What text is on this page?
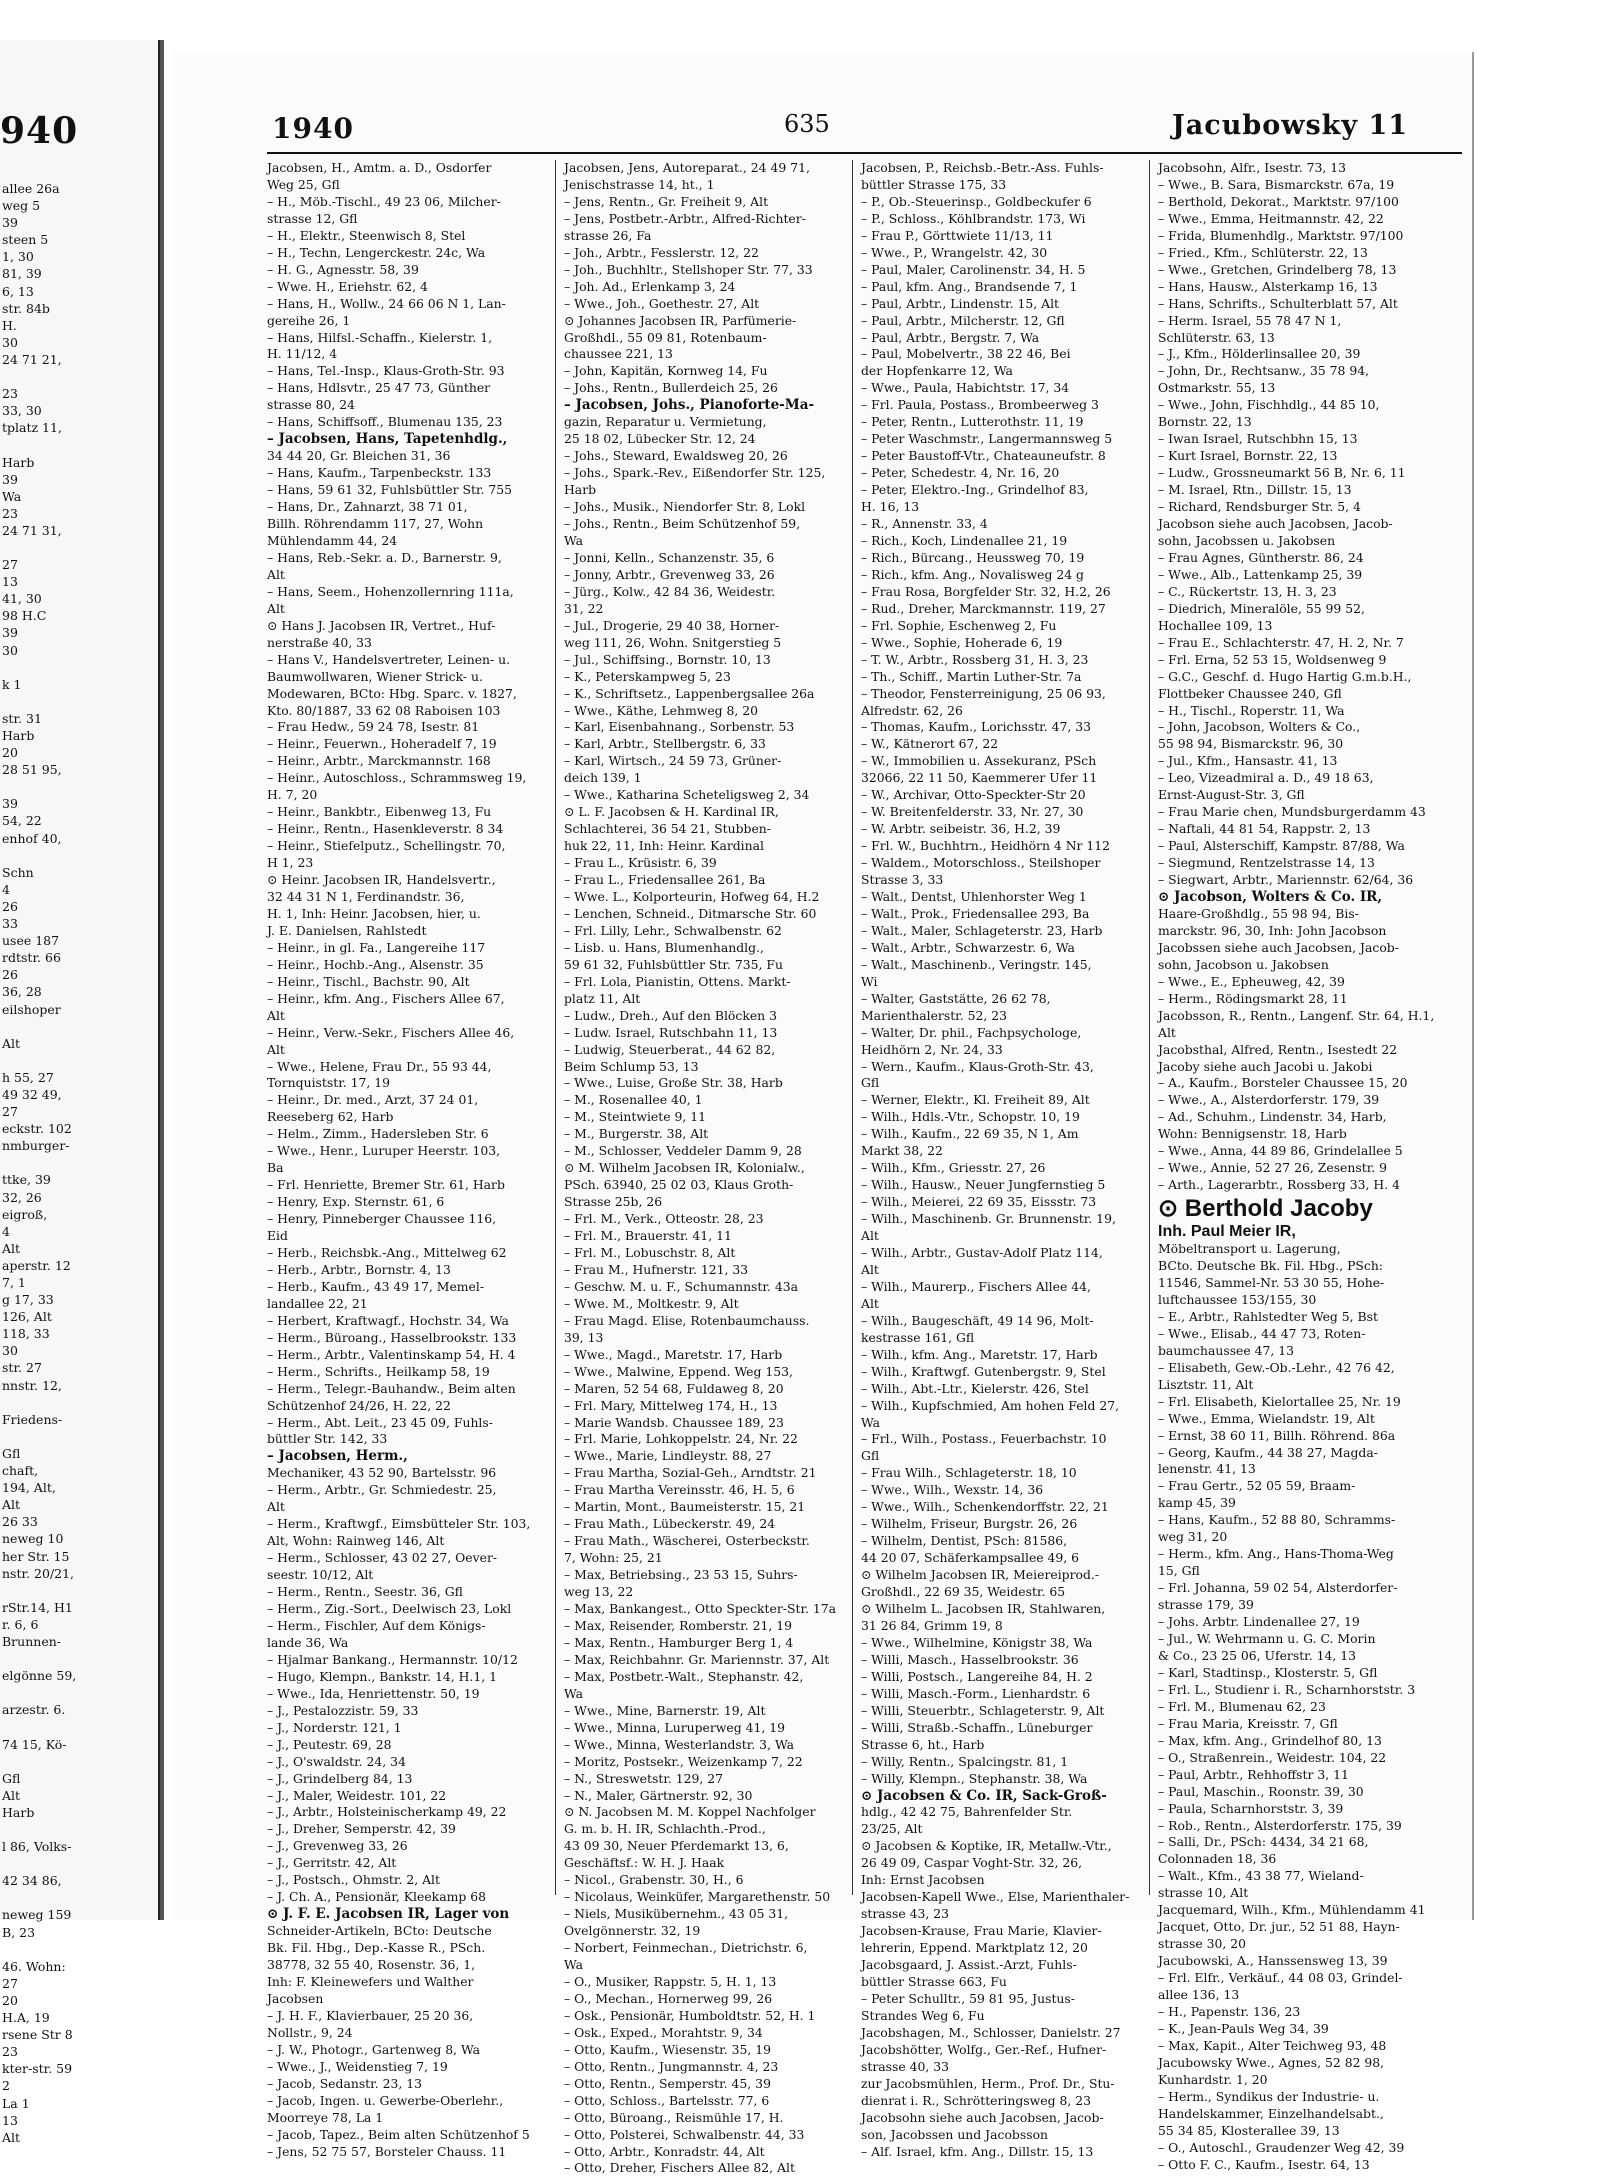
940
allee 26a
weg 5
39
steen 5
1, 30
81, 39
6, 13
str. 84b
H.
30
24 71 21,

23
33, 30
tplatz 11,

Harb
39
Wa
23
24 71 31,

27
13
41, 30
98 H.C
39
30

k 1

str. 31
Harb
20
28 51 95,

39
54, 22
enhof 40,

Schn
4
26
33
usee 187
rdtstr. 66
26
36, 28
eilshoper

Alt

h 55, 27
49 32 49,
27
eckstr. 102
nmburger-

ttke, 39
32, 26
eigroß,
4
Alt
aperstr. 12
7, 1
g 17, 33
126, Alt
118, 33
30
str. 27
nnstr. 12,

Friedens-

Gfl
chaft,
194, Alt,
Alt
26 33
neweg 10
her Str. 15
nstr. 20/21,

rStr.14, H1
r. 6, 6
Brunnen-

elgönne 59,

arzestr. 6.

74 15, Kö-

Gfl
Alt
Harb

l 86, Volks-

42 34 86,

neweg 159
B, 23

46. Wohn:
27
20
H.A, 19
rsene Str 8
23
kter-str. 59
2
La 1
13
Alt
1940	635	Jacubowsky 11
Jacobsen, H., Amtm. a. D., Osdorfer
Weg 25, Gfl
– H., Möb.-Tischl., 49 23 06, Milcher-
strasse 12, Gfl
– H., Elektr., Steenwisch 8, Stel
– H., Techn, Lengerckestr. 24c, Wa
– H. G., Agnesstr. 58, 39
– Wwe. H., Eriehstr. 62, 4
– Hans, H., Wollw., 24 66 06 N 1, Lan-
gereihe 26, 1
– Hans, Hilfsl.-Schaffn., Kielerstr. 1,
H. 11/12, 4
– Hans, Tel.-Insp., Klaus-Groth-Str. 93
– Hans, Hdlsvtr., 25 47 73, Günther
strasse 80, 24
– Hans, Schiffsoff., Blumenau 135, 23
– Jacobsen, Hans, Tapetenhdlg.,
34 44 20, Gr. Bleichen 31, 36
– Hans, Kaufm., Tarpenbeckstr. 133
– Hans, 59 61 32, Fuhlsbüttler Str. 755
– Hans, Dr., Zahnarzt, 38 71 01,
Billh. Röhrendamm 117, 27, Wohn
Mühlendamm 44, 24
– Hans, Reb.-Sekr. a. D., Barnerstr. 9,
Alt
– Hans, Seem., Hohenzollernring 111a,
Alt
⊙ Hans J. Jacobsen IR, Vertret., Huf-
nerstraße 40, 33
– Hans V., Handelsvertreter, Leinen- u.
Baumwollwaren, Wiener Strick- u.
Modewaren, BCto: Hbg. Sparc. v. 1827,
Kto. 80/1887, 33 62 08 Raboisen 103
– Frau Hedw., 59 24 78, Isestr. 81
– Heinr., Feuerwn., Hoheradelf 7, 19
– Heinr., Arbtr., Marckmannstr. 168
– Heinr., Autoschloss., Schrammsweg 19,
H. 7, 20
– Heinr., Bankbtr., Eibenweg 13, Fu
– Heinr., Rentn., Hasenkleverstr. 8 34
– Heinr., Stiefelputz., Schellingstr. 70,
H 1, 23
⊙ Heinr. Jacobsen IR, Handelsvertr.,
32 44 31 N 1, Ferdinandstr. 36,
H. 1, Inh: Heinr. Jacobsen, hier, u.
J. E. Danielsen, Rahlstedt
– Heinr., in gl. Fa., Langereihe 117
– Heinr., Hochb.-Ang., Alsenstr. 35
– Heinr., Tischl., Bachstr. 90, Alt
– Heinr., kfm. Ang., Fischers Allee 67,
Alt
– Heinr., Verw.-Sekr., Fischers Allee 46,
Alt
– Wwe., Helene, Frau Dr., 55 93 44,
Tornquiststr. 17, 19
– Heinr., Dr. med., Arzt, 37 24 01,
Reeseberg 62, Harb
– Helm., Zimm., Hadersleben Str. 6
– Wwe., Henr., Luruper Heerstr. 103,
Ba
– Frl. Henriette, Bremer Str. 61, Harb
– Henry, Exp. Sternstr. 61, 6
– Henry, Pinneberger Chaussee 116,
Eid
– Herb., Reichsbk.-Ang., Mittelweg 62
– Herb., Arbtr., Bornstr. 4, 13
– Herb., Kaufm., 43 49 17, Memel-
landallee 22, 21
– Herbert, Kraftwagf., Hochstr. 34, Wa
– Herm., Büroang., Hasselbrookstr. 133
– Herm., Arbtr., Valentinskamp 54, H. 4
– Herm., Schrifts., Heilkamp 58, 19
– Herm., Telegr.-Bauhandw., Beim alten
Schützenhof 24/26, H. 22, 22
– Herm., Abt. Leit., 23 45 09, Fuhls-
büttler Str. 142, 33
– Jacobsen, Herm.,
Mechaniker, 43 52 90, Bartelsstr. 96
– Herm., Arbtr., Gr. Schmiedestr. 25,
Alt
– Herm., Kraftwgf., Eimsbütteler Str. 103,
Alt, Wohn: Rainweg 146, Alt
– Herm., Schlosser, 43 02 27, Oever-
seestr. 10/12, Alt
– Herm., Rentn., Seestr. 36, Gfl
– Herm., Zig.-Sort., Deelwisch 23, Lokl
– Herm., Fischler, Auf dem Königs-
lande 36, Wa
– Hjalmar Bankang., Hermannstr. 10/12
– Hugo, Klempn., Bankstr. 14, H.1, 1
– Wwe., Ida, Henriettenstr. 50, 19
– J., Pestalozzistr. 59, 33
– J., Norderstr. 121, 1
– J., Peutestr. 69, 28
– J., O'swaldstr. 24, 34
– J., Grindelberg 84, 13
– J., Maler, Weidestr. 101, 22
– J., Arbtr., Holsteinischerkamp 49, 22
– J., Dreher, Semperstr. 42, 39
– J., Grevenweg 33, 26
– J., Gerritstr. 42, Alt
– J., Postsch., Ohmstr. 2, Alt
– J. Ch. A., Pensionär, Kleekamp 68
⊙ J. F. E. Jacobsen IR, Lager von
Schneider-Artikeln, BCto: Deutsche
Bk. Fil. Hbg., Dep.-Kasse R., PSch.
38778, 32 55 40, Rosenstr. 36, 1,
Inh: F. Kleinewefers und Walther
Jacobsen
– J. H. F., Klavierbauer, 25 20 36,
Nollstr., 9, 24
– J. W., Photogr., Gartenweg 8, Wa
– Wwe., J., Weidenstieg 7, 19
– Jacob, Sedanstr. 23, 13
– Jacob, Ingen. u. Gewerbe-Oberlehr.,
Moorreye 78, La 1
– Jacob, Tapez., Beim alten Schützenhof 5
– Jens, 52 75 57, Borsteler Chauss. 11
Jacobsen, Jens, Autoreparat., 24 49 71,
Jenischstrasse 14, ht., 1
– Jens, Rentn., Gr. Freiheit 9, Alt
– Jens, Postbetr.-Arbtr., Alfred-Richter-
strasse 26, Fa
– Joh., Arbtr., Fesslerstr. 12, 22
– Joh., Buchhltr., Stellshoper Str. 77, 33
– Joh. Ad., Erlenkamp 3, 24
– Wwe., Joh., Goethestr. 27, Alt
⊙ Johannes Jacobsen IR, Parfümerie-
Großhdl., 55 09 81, Rotenbaum-
chaussee 221, 13
– John, Kapitän, Kornweg 14, Fu
– Johs., Rentn., Bullerdeich 25, 26
– Jacobsen, Johs., Pianoforte-Ma-
gazin, Reparatur u. Vermietung,
25 18 02, Lübecker Str. 12, 24
– Johs., Steward, Ewaldsweg 20, 26
– Johs., Spark.-Rev., Eißendorfer Str. 125,
Harb
– Johs., Musik., Niendorfer Str. 8, Lokl
– Johs., Rentn., Beim Schützenhof 59,
Wa
– Jonni, Kelln., Schanzenstr. 35, 6
– Jonny, Arbtr., Grevenweg 33, 26
– Jürg., Kolw., 42 84 36, Weidestr.
31, 22
– Jul., Drogerie, 29 40 38, Horner-
weg 111, 26, Wohn. Snitgerstieg 5
– Jul., Schiffsing., Bornstr. 10, 13
– K., Peterskampweg 5, 23
– K., Schriftsetz., Lappenbergsallee 26a
– Wwe., Käthe, Lehmweg 8, 20
– Karl, Eisenbahnang., Sorbenstr. 53
– Karl, Arbtr., Stellbergstr. 6, 33
– Karl, Wirtsch., 24 59 73, Grüner-
deich 139, 1
– Wwe., Katharina Scheteligsweg 2, 34
⊙ L. F. Jacobsen & H. Kardinal IR,
Schlachterei, 36 54 21, Stubben-
huk 22, 11, Inh: Heinr. Kardinal
– Frau L., Krüsistr. 6, 39
– Frau L., Friedensallee 261, Ba
– Wwe. L., Kolporteurin, Hofweg 64, H.2
– Lenchen, Schneid., Ditmarsche Str. 60
– Frl. Lilly, Lehr., Schwalbenstr. 62
– Lisb. u. Hans, Blumenhandlg.,
59 61 32, Fuhlsbüttler Str. 735, Fu
– Frl. Lola, Pianistin, Ottens. Markt-
platz 11, Alt
– Ludw., Dreh., Auf den Blöcken 3
– Ludw. Israel, Rutschbahn 11, 13
– Ludwig, Steuerberat., 44 62 82,
Beim Schlump 53, 13
– Wwe., Luise, Große Str. 38, Harb
– M., Rosenallee 40, 1
– M., Steintwiete 9, 11
– M., Burgerstr. 38, Alt
– M., Schlosser, Veddeler Damm 9, 28
⊙ M. Wilhelm Jacobsen IR, Kolonialw.,
PSch. 63940, 25 02 03, Klaus Groth-
Strasse 25b, 26
– Frl. M., Verk., Otteostr. 28, 23
– Frl. M., Brauerstr. 41, 11
– Frl. M., Lobuschstr. 8, Alt
– Frau M., Hufnerstr. 121, 33
– Geschw. M. u. F., Schumannstr. 43a
– Wwe. M., Moltkestr. 9, Alt
– Frau Magd. Elise, Rotenbaumchauss.
39, 13
– Wwe., Magd., Maretstr. 17, Harb
– Wwe., Malwine, Eppend. Weg 153,
– Maren, 52 54 68, Fuldaweg 8, 20
– Frl. Mary, Mittelweg 174, H., 13
– Marie Wandsb. Chaussee 189, 23
– Frl. Marie, Lohkoppelstr. 24, Nr. 22
– Wwe., Marie, Lindleystr. 88, 27
– Frau Martha, Sozial-Geh., Arndtstr. 21
– Frau Martha Vereinsstr. 46, H. 5, 6
– Martin, Mont., Baumeisterstr. 15, 21
– Frau Math., Lübeckerstr. 49, 24
– Frau Math., Wäscherei, Osterbeckstr.
7, Wohn: 25, 21
– Max, Betriebsing., 23 53 15, Suhrs-
weg 13, 22
– Max, Bankangest., Otto Speckter-Str. 17a
– Max, Reisender, Romberstr. 21, 19
– Max, Rentn., Hamburger Berg 1, 4
– Max, Reichbahnr. Gr. Mariennstr. 37, Alt
– Max, Postbetr.-Walt., Stephanstr. 42,
Wa
– Wwe., Mine, Barnerstr. 19, Alt
– Wwe., Minna, Luruperweg 41, 19
– Wwe., Minna, Westerlandstr. 3, Wa
– Moritz, Postsekr., Weizenkamp 7, 22
– N., Streswetstr. 129, 27
– N., Maler, Gärtnerstr. 92, 30
⊙ N. Jacobsen M. M. Koppel Nachfolger
G. m. b. H. IR, Schlachth.-Prod.,
43 09 30, Neuer Pferdemarkt 13, 6,
Geschäftsf.: W. H. J. Haak
– Nicol., Grabenstr. 30, H., 6
– Nicolaus, Weinküfer, Margarethenstr. 50
– Niels, Musikübernehm., 43 05 31,
Ovelgönnerstr. 32, 19
– Norbert, Feinmechan., Dietrichstr. 6,
Wa
– O., Musiker, Rappstr. 5, H. 1, 13
– O., Mechan., Hornerweg 99, 26
– Osk., Pensionär, Humboldtstr. 52, H. 1
– Osk., Exped., Morahtstr. 9, 34
– Otto, Kaufm., Wiesenstr. 35, 19
– Otto, Rentn., Jungmannstr. 4, 23
– Otto, Rentn., Semperstr. 45, 39
– Otto, Schloss., Bartelsstr. 77, 6
– Otto, Büroang., Reismühle 17, H.
– Otto, Polsterei, Schwalbenstr. 44, 33
– Otto, Arbtr., Konradstr. 44, Alt
– Otto, Dreher, Fischers Allee 82, Alt
Jacobsen, P., Reichsb.-Betr.-Ass. Fuhls-
büttler Strasse 175, 33
– P., Ob.-Steuerinsp., Goldbeckufer 6
– P., Schloss., Köhlbrandstr. 173, Wi
– Frau P., Görttwiete 11/13, 11
– Wwe., P., Wrangelstr. 42, 30
– Paul, Maler, Carolinenstr. 34, H. 5
– Paul, kfm. Ang., Brandsende 7, 1
– Paul, Arbtr., Lindenstr. 15, Alt
– Paul, Arbtr., Milcherstr. 12, Gfl
– Paul, Arbtr., Bergstr. 7, Wa
– Paul, Mobelvertr., 38 22 46, Bei
der Hopfenkarre 12, Wa
– Wwe., Paula, Habichtstr. 17, 34
– Frl. Paula, Postass., Brombeerweg 3
– Peter, Rentn., Lutterothstr. 11, 19
– Peter Waschmstr., Langermannsweg 5
– Peter Baustoff-Vtr., Chateauneufstr. 8
– Peter, Schedestr. 4, Nr. 16, 20
– Peter, Elektro.-Ing., Grindelhof 83,
H. 16, 13
– R., Annenstr. 33, 4
– Rich., Koch, Lindenallee 21, 19
– Rich., Bürcang., Heussweg 70, 19
– Rich., kfm. Ang., Novalisweg 24 g
– Frau Rosa, Borgfelder Str. 32, H.2, 26
– Rud., Dreher, Marckmannstr. 119, 27
– Frl. Sophie, Eschenweg 2, Fu
– Wwe., Sophie, Hoherade 6, 19
– T. W., Arbtr., Rossberg 31, H. 3, 23
– Th., Schiff., Martin Luther-Str. 7a
– Theodor, Fensterreinigung, 25 06 93,
Alfredstr. 62, 26
– Thomas, Kaufm., Lorichsstr. 47, 33
– W., Kätnerort 67, 22
– W., Immobilien u. Assekuranz, PSch
32066, 22 11 50, Kaemmerer Ufer 11
– W., Archivar, Otto-Speckter-Str 20
– W. Breitenfelderstr. 33, Nr. 27, 30
– W. Arbtr. seibeistr. 36, H.2, 39
– Frl. W., Buchhtrn., Heidhörn 4 Nr 112
– Waldem., Motorschloss., Steilshoper
Strasse 3, 33
– Walt., Dentst, Uhlenhorster Weg 1
– Walt., Prok., Friedensallee 293, Ba
– Walt., Maler, Schlageterstr. 23, Harb
– Walt., Arbtr., Schwarzestr. 6, Wa
– Walt., Maschinenb., Veringstr. 145,
Wi
– Walter, Gaststätte, 26 62 78,
Marienthalerstr. 52, 23
– Walter, Dr. phil., Fachpsychologe,
Heidhörn 2, Nr. 24, 33
– Wern., Kaufm., Klaus-Groth-Str. 43,
Gfl
– Werner, Elektr., Kl. Freiheit 89, Alt
– Wilh., Hdls.-Vtr., Schopstr. 10, 19
– Wilh., Kaufm., 22 69 35, N 1, Am
Markt 38, 22
– Wilh., Kfm., Griesstr. 27, 26
– Wilh., Hausw., Neuer Jungfernstieg 5
– Wilh., Meierei, 22 69 35, Eissstr. 73
– Wilh., Maschinenb. Gr. Brunnenstr. 19,
Alt
– Wilh., Arbtr., Gustav-Adolf Platz 114,
Alt
– Wilh., Maurerp., Fischers Allee 44,
Alt
– Wilh., Baugeschäft, 49 14 96, Molt-
kestrasse 161, Gfl
– Wilh., kfm. Ang., Maretstr. 17, Harb
– Wilh., Kraftwgf. Gutenbergstr. 9, Stel
– Wilh., Abt.-Ltr., Kielerstr. 426, Stel
– Wilh., Kupfschmied, Am hohen Feld 27,
Wa
– Frl., Wilh., Postass., Feuerbachstr. 10
Gfl
– Frau Wilh., Schlageterstr. 18, 10
– Wwe., Wilh., Wexstr. 14, 36
– Wwe., Wilh., Schenkendorffstr. 22, 21
– Wilhelm, Friseur, Burgstr. 26, 26
– Wilhelm, Dentist, PSch: 81586,
44 20 07, Schäferkampsallee 49, 6
⊙ Wilhelm Jacobsen IR, Meiereiprod.-
Großhdl., 22 69 35, Weidestr. 65
⊙ Wilhelm L. Jacobsen IR, Stahlwaren,
31 26 84, Grimm 19, 8
– Wwe., Wilhelmine, Königstr 38, Wa
– Willi, Masch., Hasselbrookstr. 36
– Willi, Postsch., Langereihe 84, H. 2
– Willi, Masch.-Form., Lienhardstr. 6
– Willi, Steuerbtr., Schlageterstr. 9, Alt
– Willi, Straßb.-Schaffn., Lüneburger
Strasse 6, ht., Harb
– Willy, Rentn., Spalcingstr. 81, 1
– Willy, Klempn., Stephanstr. 38, Wa
⊙ Jacobsen & Co. IR, Sack-Groß-
hdlg., 42 42 75, Bahrenfelder Str.
23/25, Alt
⊙ Jacobsen & Koptike, IR, Metallw.-Vtr.,
26 49 09, Caspar Voght-Str. 32, 26,
Inh: Ernst Jacobsen
Jacobsen-Kapell Wwe., Else, Marienthaler-
strasse 43, 23
Jacobsen-Krause, Frau Marie, Klavier-
lehrerin, Eppend. Marktplatz 12, 20
Jacobsgaard, J. Assist.-Arzt, Fuhls-
büttler Strasse 663, Fu
– Peter Schulltr., 59 81 95, Justus-
Strandes Weg 6, Fu
Jacobshagen, M., Schlosser, Danielstr. 27
Jacobshötter, Wolfg., Ger.-Ref., Hufner-
strasse 40, 33
zur Jacobsmühlen, Herm., Prof. Dr., Stu-
dienrat i. R., Schrötteringsweg 8, 23
Jacobsohn siehe auch Jacobsen, Jacob-
son, Jacobssen und Jacobsson
– Alf. Israel, kfm. Ang., Dillstr. 15, 13
Jacobsohn, Alfr., Isestr. 73, 13
– Wwe., B. Sara, Bismarckstr. 67a, 19
– Berthold, Dekorat., Marktstr. 97/100
– Wwe., Emma, Heitmannstr. 42, 22
– Frida, Blumenhdlg., Marktstr. 97/100
– Fried., Kfm., Schlüterstr. 22, 13
– Wwe., Gretchen, Grindelberg 78, 13
– Hans, Hausw., Alsterkamp 16, 13
– Hans, Schrifts., Schulterblatt 57, Alt
– Herm. Israel, 55 78 47 N 1,
Schlüterstr. 63, 13
– J., Kfm., Hölderlinsallee 20, 39
– John, Dr., Rechtsanw., 35 78 94,
Ostmarkstr. 55, 13
– Wwe., John, Fischhdlg., 44 85 10,
Bornstr. 22, 13
– Iwan Israel, Rutschbhn 15, 13
– Kurt Israel, Bornstr. 22, 13
– Ludw., Grossneumarkt 56 B, Nr. 6, 11
– M. Israel, Rtn., Dillstr. 15, 13
– Richard, Rendsburger Str. 5, 4
Jacobson siehe auch Jacobsen, Jacob-
sohn, Jacobssen u. Jakobsen
– Frau Agnes, Güntherstr. 86, 24
– Wwe., Alb., Lattenkamp 25, 39
– C., Rückertstr. 13, H. 3, 23
– Diedrich, Mineralöle, 55 99 52,
Hochallee 109, 13
– Frau E., Schlachterstr. 47, H. 2, Nr. 7
– Frl. Erna, 52 53 15, Woldsenweg 9
– G.C., Geschf. d. Hugo Hartig G.m.b.H.,
Flottbeker Chaussee 240, Gfl
– H., Tischl., Roperstr. 11, Wa
– John, Jacobson, Wolters & Co.,
55 98 94, Bismarckstr. 96, 30
– Jul., Kfm., Hansastr. 41, 13
– Leo, Vizeadmiral a. D., 49 18 63,
Ernst-August-Str. 3, Gfl
– Frau Marie chen, Mundsburgerdamm 43
– Naftali, 44 81 54, Rappstr. 2, 13
– Paul, Alsterschiff, Kampstr. 87/88, Wa
– Siegmund, Rentzelstrasse 14, 13
– Siegwart, Arbtr., Mariennstr. 62/64, 36
⊙ Jacobson, Wolters & Co. IR,
Haare-Großhdlg., 55 98 94, Bis-
marckstr. 96, 30, Inh: John Jacobson
Jacobssen siehe auch Jacobsen, Jacob-
sohn, Jacobson u. Jakobsen
– Wwe., E., Epheuweg, 42, 39
– Herm., Rödingsmarkt 28, 11
Jacobsson, R., Rentn., Langenf. Str. 64, H.1,
Alt
Jacobsthal, Alfred, Rentn., Isestedt 22
Jacoby siehe auch Jacobi u. Jakobi
– A., Kaufm., Borsteler Chaussee 15, 20
– Wwe., A., Alsterdorferstr. 179, 39
– Ad., Schuhm., Lindenstr. 34, Harb,
Wohn: Bennigsenstr. 18, Harb
– Wwe., Anna, 44 89 86, Grindelallee 5
– Wwe., Annie, 52 27 26, Zesenstr. 9
– Arth., Lagerarbtr., Rossberg 33, H. 4
⊙ Berthold Jacoby
Inh. Paul Meier IR,
Möbeltransport u. Lagerung,
BCto. Deutsche Bk. Fil. Hbg., PSch:
11546, Sammel-Nr. 53 30 55, Hohe-
luftchaussee 153/155, 30
– E., Arbtr., Rahlstedter Weg 5, Bst
– Wwe., Elisab., 44 47 73, Roten-
baumchaussee 47, 13
– Elisabeth, Gew.-Ob.-Lehr., 42 76 42,
Lisztstr. 11, Alt
– Frl. Elisabeth, Kielortallee 25, Nr. 19
– Wwe., Emma, Wielandstr. 19, Alt
– Ernst, 38 60 11, Billh. Röhrend. 86a
– Georg, Kaufm., 44 38 27, Magda-
lenenstr. 41, 13
– Frau Gertr., 52 05 59, Braam-
kamp 45, 39
– Hans, Kaufm., 52 88 80, Schramms-
weg 31, 20
– Herm., kfm. Ang., Hans-Thoma-Weg
15, Gfl
– Frl. Johanna, 59 02 54, Alsterdorfer-
strasse 179, 39
– Johs. Arbtr. Lindenallee 27, 19
– Jul., W. Wehrmann u. G. C. Morin
& Co., 23 25 06, Uferstr. 14, 13
– Karl, Stadtinsp., Klosterstr. 5, Gfl
– Frl. L., Studienr i. R., Scharnhorststr. 3
– Frl. M., Blumenau 62, 23
– Frau Maria, Kreisstr. 7, Gfl
– Max, kfm. Ang., Grindelhof 80, 13
– O., Straßenrein., Weidestr. 104, 22
– Paul, Arbtr., Rehhoffstr 3, 11
– Paul, Maschin., Roonstr. 39, 30
– Paula, Scharnhorststr. 3, 39
– Rob., Rentn., Alsterdorferstr. 175, 39
– Salli, Dr., PSch: 4434, 34 21 68,
Colonnaden 18, 36
– Walt., Kfm., 43 38 77, Wieland-
strasse 10, Alt
Jacquemard, Wilh., Kfm., Mühlendamm 41
Jacquet, Otto, Dr. jur., 52 51 88, Hayn-
strasse 30, 20
Jacubowski, A., Hanssensweg 13, 39
– Frl. Elfr., Verkäuf., 44 08 03, Grindel-
allee 136, 13
– H., Papenstr. 136, 23
– K., Jean-Pauls Weg 34, 39
– Max, Kapit., Alter Teichweg 93, 48
Jacubowsky Wwe., Agnes, 52 82 98,
Kunhardstr. 1, 20
– Herm., Syndikus der Industrie- u.
Handelskammer, Einzelhandelsabt.,
55 34 85, Klosterallee 39, 13
– O., Autoschl., Graudenzer Weg 42, 39
– Otto F. C., Kaufm., Isestr. 64, 13
